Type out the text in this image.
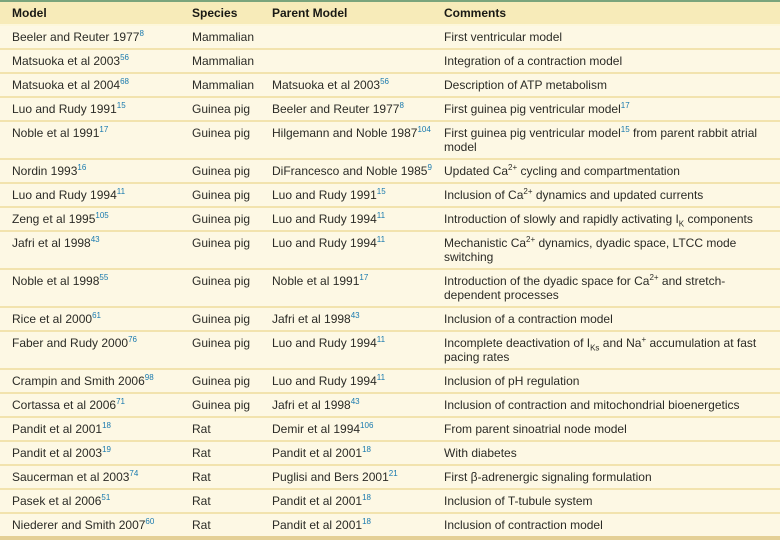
Model	Species	Parent Model	Comments
Beeler and Reuter 1977$^8$	Mammalian		First ventricular model
Matsuoka et al 2003$^{56}$	Mammalian		Integration of a contraction model
Matsuoka et al 2004$^{68}$	Mammalian	Matsuoka et al 2003$^{56}$	Description of ATP metabolism
Luo and Rudy 1991$^{15}$	Guinea pig	Beeler and Reuter 1977$^8$	First guinea pig ventricular model$^{17}$
Noble et al 1991$^{17}$	Guinea pig	Hilgemann and Noble 1987$^{104}$	First guinea pig ventricular model$^{15}$ from parent rabbit atrial model
Nordin 1993$^{16}$	Guinea pig	DiFrancesco and Noble 1985$^9$	Updated $Ca^{2+}$ cycling and compartmentation
Luo and Rudy 1994$^{11}$	Guinea pig	Luo and Rudy 1991$^{15}$	Inclusion of $Ca^{2+}$ dynamics and updated currents
Zeng et al 1995$^{105}$	Guinea pig	Luo and Rudy 1994$^{11}$	Introduction of slowly and rapidly activating $I_K$ components
Jafri et al 1998$^{43}$	Guinea pig	Luo and Rudy 1994$^{11}$	Mechanistic $Ca^{2+}$ dynamics, dyadic space, LTCC mode switching
Noble et al 1998$^{55}$	Guinea pig	Noble et al 1991$^{17}$	Introduction of the dyadic space for $Ca^{2+}$ and stretch-dependent processes
Rice et al 2000$^{61}$	Guinea pig	Jafri et al 1998$^{43}$	Inclusion of a contraction model
Faber and Rudy 2000$^{76}$	Guinea pig	Luo and Rudy 1994$^{11}$	Incomplete deactivation of $I_{Ks}$ and Na+ accumulation at fast pacing rates
Crampin and Smith 2006$^{98}$	Guinea pig	Luo and Rudy 1994$^{11}$	Inclusion of pH regulation
Cortassa et al 2006$^{71}$	Guinea pig	Jafri et al 1998$^{43}$	Inclusion of contraction and mitochondrial bioenergetics
Pandit et al 2001$^{18}$	Rat	Demir et al 1994$^{106}$	From parent sinoatrial node model
Pandit et al 2003$^{19}$	Rat	Pandit et al 2001$^{18}$	With diabetes
Saucerman et al 2003$^{74}$	Rat	Puglisi and Bers 2001$^{21}$	First β-adrenergic signaling formulation
Pasek et al 2006$^{51}$	Rat	Pandit et al 2001$^{18}$	Inclusion of T-tubule system
Niederer and Smith 2007$^{60}$	Rat	Pandit et al 2001$^{18}$	Inclusion of contraction model
